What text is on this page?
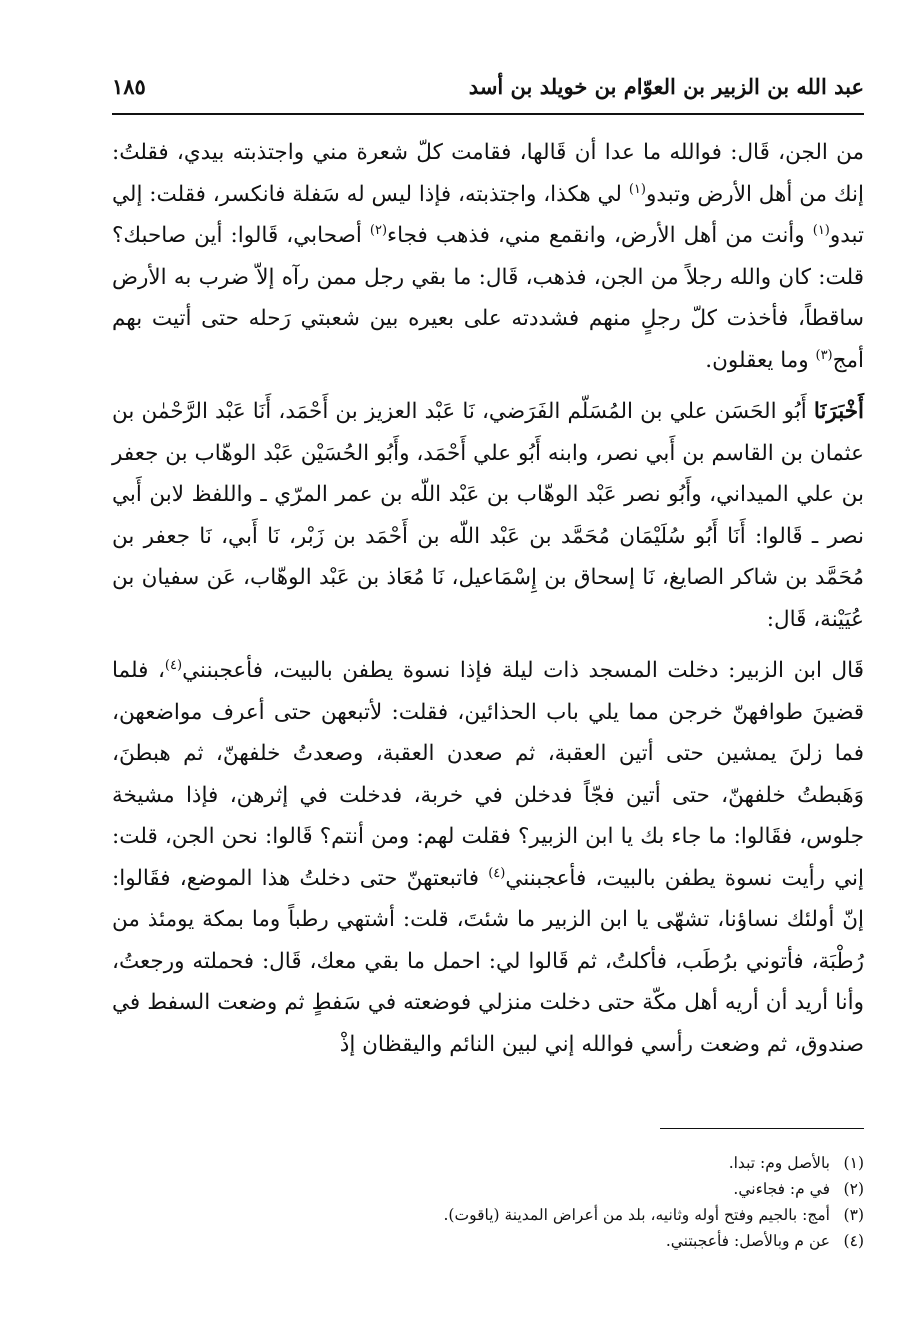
عبد الله بن الزبير بن العوّام بن خويلد بن أسد
١٨٥

من الجن، قَال: فوالله ما عدا أن قَالها، فقامت كلّ شعرة مني واجتذبته بيدي، فقلتُ: إنك من أهل الأرض وتبدو$^{(١)}$ لي هكذا، واجتذبته، فإذا ليس له سَفلة فانكسر، فقلت: إلي تبدو$^{(١)}$ وأنت من أهل الأرض، وانقمع مني، فذهب فجاء$^{(٢)}$ أصحابي، قَالوا: أين صاحبك؟ قلت: كان والله رجلاً من الجن، فذهب، قَال: ما بقي رجل ممن رآه إلاّ ضرب به الأرض ساقطاً، فأخذت كلّ رجلٍ منهم فشددته على بعيره بين شعبتي رَحله حتى أتيت بهم أمج$^{(٣)}$ وما يعقلون.

أَخْبَرَنَا أَبُو الحَسَن علي بن المُسَلّم الفَرَضي، نَا عَبْد العزيز بن أَحْمَد، أَنَا عَبْد الرَّحْمٰن بن عثمان بن القاسم بن أَبي نصر، وابنه أَبُو علي أَحْمَد، وأَبُو الحُسَيْن عَبْد الوهّاب بن جعفر بن علي الميداني، وأَبُو نصر عَبْد الوهّاب بن عَبْد اللّه بن عمر المرّي ـ واللفظ لابن أَبي نصر ـ قَالوا: أَنَا أَبُو سُلَيْمَان مُحَمَّد بن عَبْد اللّه بن أَحْمَد بن زَبْر، نَا أَبي، نَا جعفر بن مُحَمَّد بن شاكر الصايغ، نَا إسحاق بن إِسْمَاعيل، نَا مُعَاذ بن عَبْد الوهّاب، عَن سفيان بن عُيَيْنة، قَال:

قَال ابن الزبير: دخلت المسجد ذات ليلة فإذا نسوة يطفن بالبيت، فأعجبنني$^{(٤)}$، فلما قضينَ طوافهنّ خرجن مما يلي باب الحذائين، فقلت: لأتبعهن حتى أعرف مواضعهن، فما زلنَ يمشين حتى أتين العقبة، ثم صعدن العقبة، وصعدتُ خلفهنّ، ثم هبطنَ، وَهَبطتُ خلفهنّ، حتى أتين فجّاً فدخلن في خربة، فدخلت في إثرهن، فإذا مشيخة جلوس، فقَالوا: ما جاء بك يا ابن الزبير؟ فقلت لهم: ومن أنتم؟ قَالوا: نحن الجن، قلت: إني رأيت نسوة يطفن بالبيت، فأعجبنني$^{(٤)}$ فاتبعتهنّ حتى دخلتُ هذا الموضع، فقَالوا: إنّ أولئك نساؤنا، تشهّى يا ابن الزبير ما شئتَ، قلت: أشتهي رطباً وما بمكة يومئذ من رُطْبَة، فأتوني برُطَب، فأكلتُ، ثم قَالوا لي: احمل ما بقي معك، قَال: فحملته ورجعتُ، وأنا أريد أن أريه أهل مكّة حتى دخلت منزلي فوضعته في سَفطٍ ثم وضعت السفط في صندوق، ثم وضعت رأسي فوالله إني لبين النائم واليقظان إذْ

(١)بالأصل وم: تبدا.

(٢)في م: فجاءني.

(٣)أمج: بالجيم وفتح أوله وثانيه، بلد من أعراض المدينة (ياقوت).

(٤)عن م وبالأصل: فأعجبتني.
